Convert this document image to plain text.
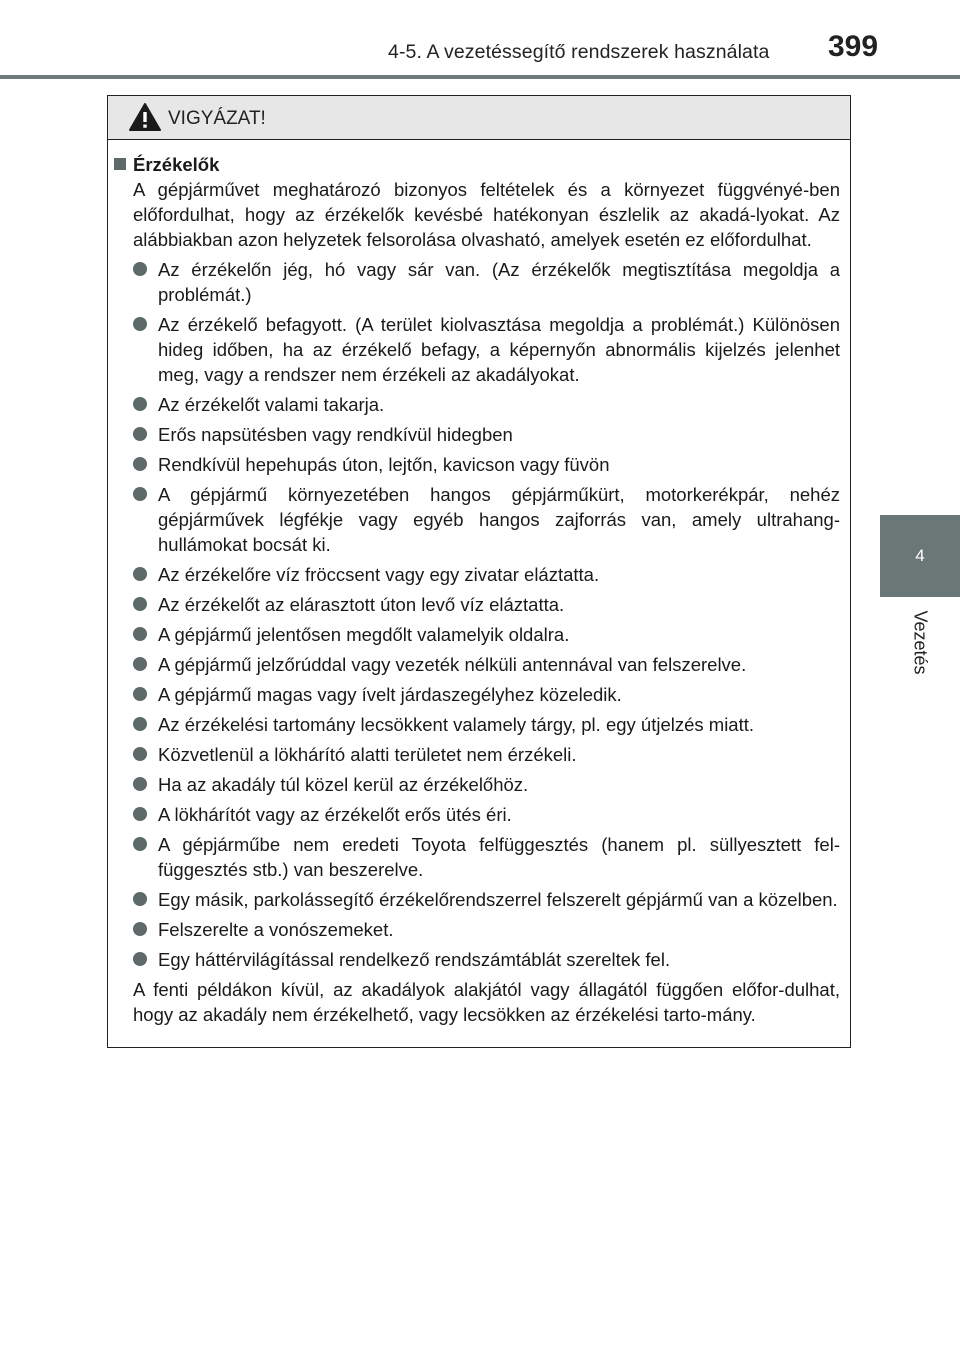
4-5. A vezetéssegítő rendszerek használata 399
4
Vezetés
VIGYÁZAT!
Érzékelők

A gépjárművet meghatározó bizonyos feltételek és a környezet függvényé-ben előfordulhat, hogy az érzékelők kevésbé hatékonyan észlelik az akadá-lyokat. Az alábbiakban azon helyzetek felsorolása olvasható, amelyek esetén ez előfordulhat.

Az érzékelőn jég, hó vagy sár van. (Az érzékelők megtisztítása megoldja a problémát.)
Az érzékelő befagyott. (A terület kiolvasztása megoldja a problémát.) Különösen hideg időben, ha az érzékelő befagy, a képernyőn abnormális kijelzés jelenhet meg, vagy a rendszer nem érzékeli az akadályokat.
Az érzékelőt valami takarja.
Erős napsütésben vagy rendkívül hidegben
Rendkívül hepehupás úton, lejtőn, kavicson vagy füvön
A gépjármű környezetében hangos gépjárműkürt, motorkerékpár, nehéz gépjárművek légfékje vagy egyéb hangos zajforrás van, amely ultrahang-hullámokat bocsát ki.
Az érzékelőre víz fröccsent vagy egy zivatar eláztatta.
Az érzékelőt az elárasztott úton levő víz eláztatta.
A gépjármű jelentősen megdőlt valamelyik oldalra.
A gépjármű jelzőrúddal vagy vezeték nélküli antennával van felszerelve.
A gépjármű magas vagy ívelt járdaszegélyhez közeledik.
Az érzékelési tartomány lecsökkent valamely tárgy, pl. egy útjelzés miatt.
Közvetlenül a lökhárító alatti területet nem érzékeli.
Ha az akadály túl közel kerül az érzékelőhöz.
A lökhárítót vagy az érzékelőt erős ütés éri.
A gépjárműbe nem eredeti Toyota felfüggesztés (hanem pl. süllyesztett fel-függesztés stb.) van beszerelve.
Egy másik, parkolássegítő érzékelőrendszerrel felszerelt gépjármű van a közelben.
Felszerelte a vonószemeket.
Egy háttérvilágítással rendelkező rendszámtáblát szereltek fel.

A fenti példákon kívül, az akadályok alakjától vagy állagától függően előfor-dulhat, hogy az akadály nem érzékelhető, vagy lecsökken az érzékelési tarto-mány.
